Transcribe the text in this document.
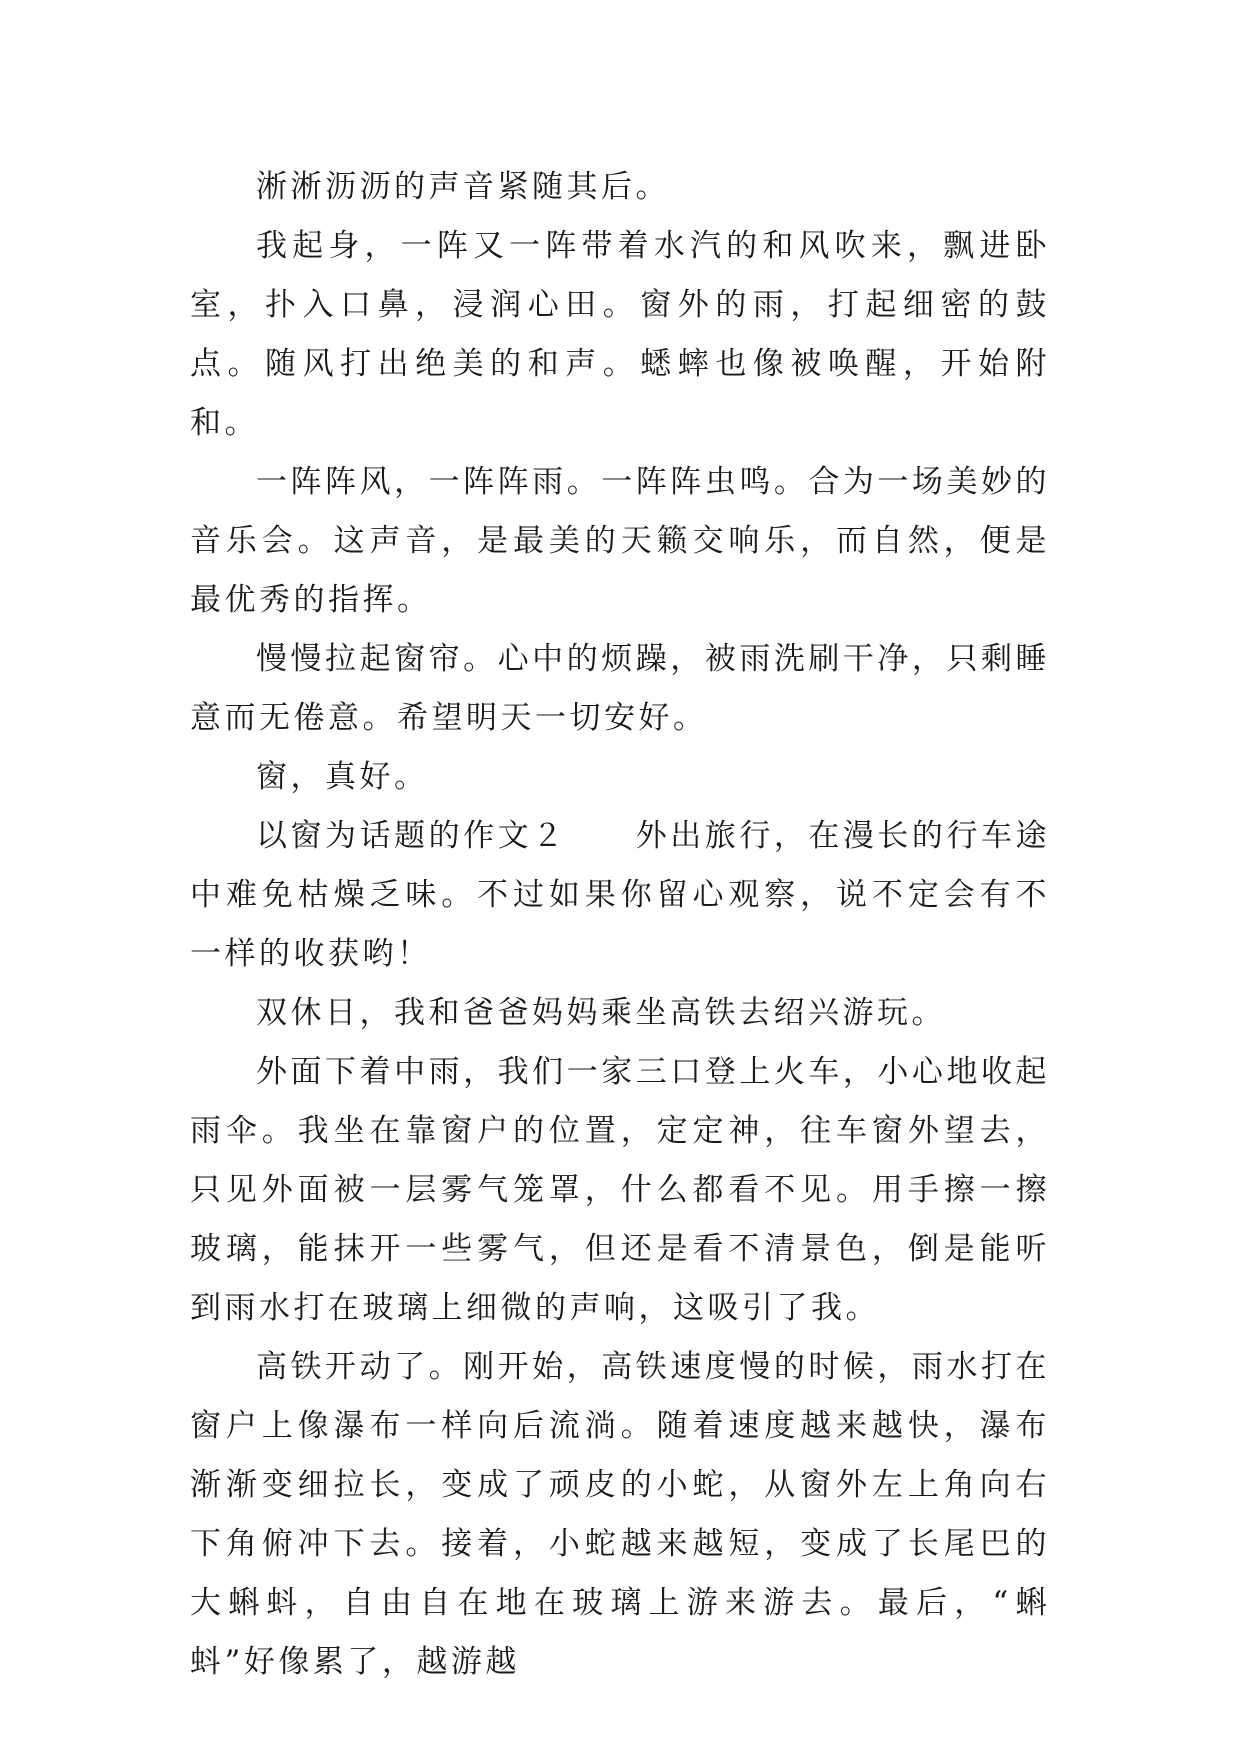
淅淅沥沥的声音紧随其后。

我起身，一阵又一阵带着水汽的和风吹来，飘进卧室，扑入口鼻，浸润心田。窗外的雨，打起细密的鼓点。随风打出绝美的和声。蟋蟀也像被唤醒，开始附和。

一阵阵风，一阵阵雨。一阵阵虫鸣。合为一场美妙的音乐会。这声音，是最美的天籁交响乐，而自然，便是最优秀的指挥。

慢慢拉起窗帘。心中的烦躁，被雨洗刷干净，只剩睡意而无倦意。希望明天一切安好。

窗，真好。

以窗为话题的作文２　　外出旅行，在漫长的行车途中难免枯燥乏味。不过如果你留心观察，说不定会有不一样的收获哟！

双休日，我和爸爸妈妈乘坐高铁去绍兴游玩。

外面下着中雨，我们一家三口登上火车，小心地收起雨伞。我坐在靠窗户的位置，定定神，往车窗外望去，只见外面被一层雾气笼罩，什么都看不见。用手擦一擦玻璃，能抹开一些雾气，但还是看不清景色，倒是能听到雨水打在玻璃上细微的声响，这吸引了我。

高铁开动了。刚开始，高铁速度慢的时候，雨水打在窗户上像瀑布一样向后流淌。随着速度越来越快，瀑布渐渐变细拉长，变成了顽皮的小蛇，从窗外左上角向右下角俯冲下去。接着，小蛇越来越短，变成了长尾巴的大蝌蚪，自由自在地在玻璃上游来游去。最后，“蝌蚪”好像累了，越游越
